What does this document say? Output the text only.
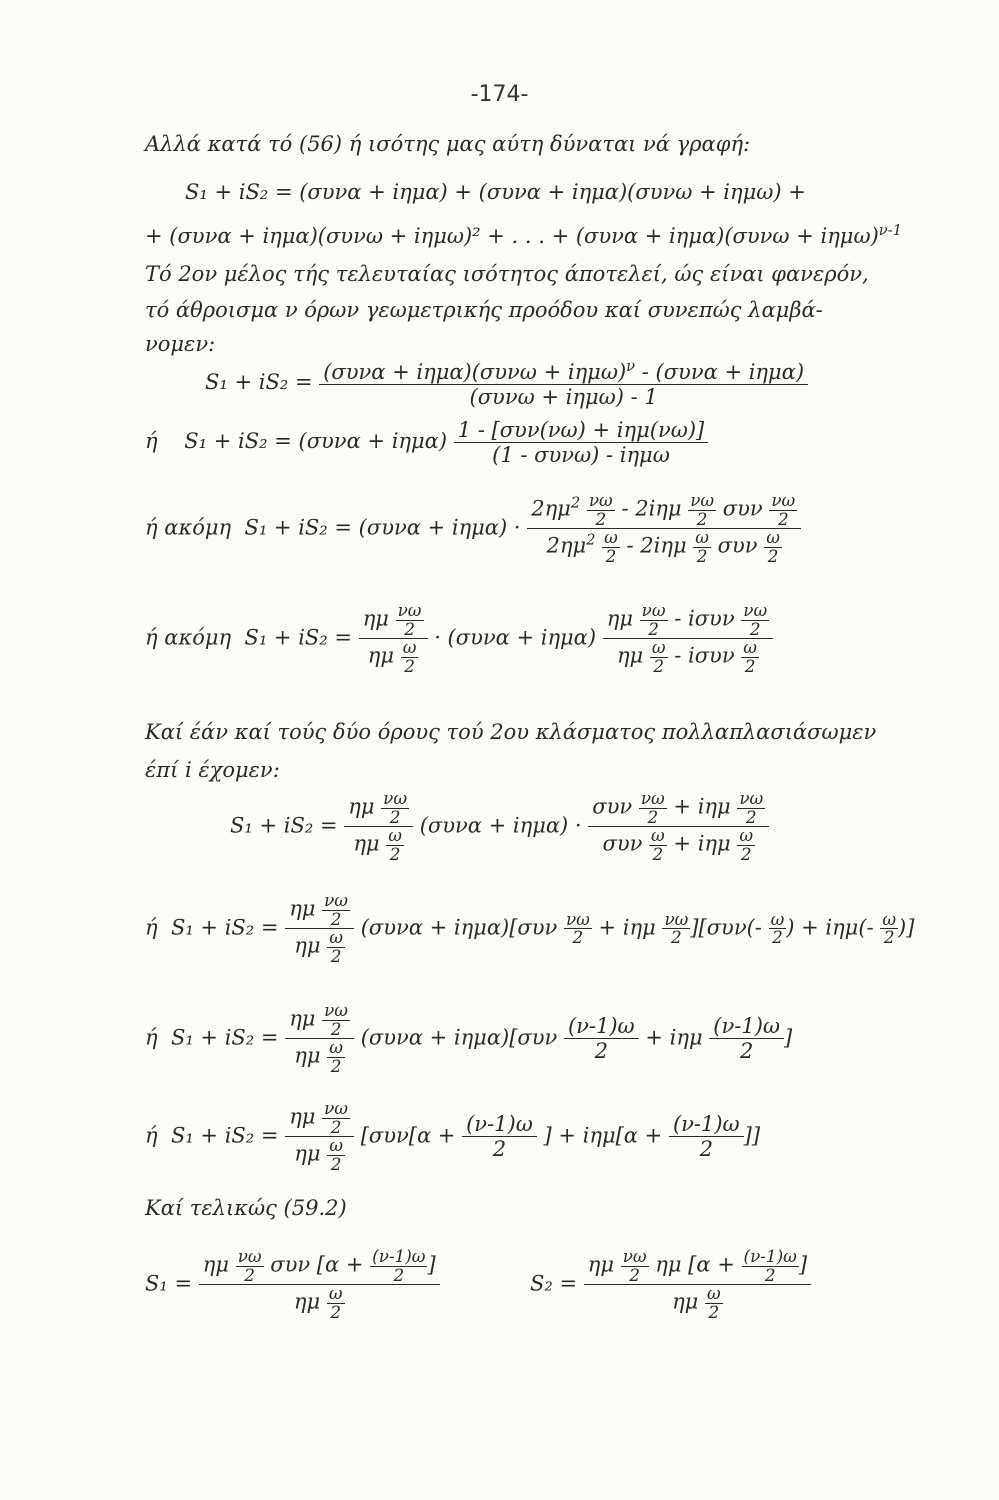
-174-
Αλλά κατά τό (56) ή ισότης μας αύτη δύναται νά γραφή:
S₁ + iS₂ = (συνα + iημα) + (συνα + iημα)(συνω + iημω) +
+ (συνα + iημα)(συνω + iημω)² + . . . + $(\sigma\upsilon\nu\alpha + i\eta\mu\alpha)(\sigma\upsilon\nu\omega + i\eta\mu\omega)^{\nu-1}$
Τό 2ον μέλος τής τελευταίας ισότητος άποτελεί, ώς είναι φανερόν,
τό άθροισμα ν όρων γεωμετρικής προόδου καί συνεπώς λαμβά-
νομεν:
$S_1 + iS_2 = \frac{(\sigma\upsilon\nu\alpha + i\eta\mu\alpha)(\sigma\upsilon\nu\omega + i\eta\mu\omega)^\nu - (\sigma\upsilon\nu\alpha + i\eta\mu\alpha)}{\text{(συνω + iημω) - 1}}$
ή $S_1 + iS_2 = (\sigma\upsilon\nu\alpha + i\eta\mu\alpha) \frac{\text{1 - [συν(νω) + iημ(νω)]}}{\text{(1 - συνω) - iημω}}$
ή ακόμη S₁ + iS₂ = (συνα + iημα) ·
$2\eta\mu^2 \frac{\nu\omega}{2} - 2i\eta\mu \frac{\nu\omega}{2}$ συν $\frac{\nu\omega}{2}$
$2\eta\mu^2 \frac{\omega}{2} - 2i\eta\mu \frac{\omega}{2}$ συν $\frac{\omega}{2}$
ή ακόμη $S_1 + iS_2 = \frac{\eta\mu \frac{\nu\omega}{2}}{\eta\mu \frac{\omega}{2}} \cdot (\sigma\upsilon\nu\alpha + i\eta\mu\alpha) \frac{\eta\mu \frac{\nu\omega}{2} - i\sigma\upsilon\nu \frac{\nu\omega}{2}}{\eta\mu \frac{\omega}{2} - i\sigma\upsilon\nu \frac{\omega}{2}}$
Καί έάν καί τούς δύο όρους τού 2ου κλάσματος πολλαπλασιάσωμεν
έπί i έχομεν:
$S_1 + iS_2 = \frac{\eta\mu \frac{\nu\omega}{2}}{\eta\mu \frac{\omega}{2}} (\sigma\upsilon\nu\alpha + i\eta\mu\alpha) \cdot \frac{\sigma\upsilon\nu \frac{\nu\omega}{2} + i\eta\mu \frac{\nu\omega}{2}}{\sigma\upsilon\nu \frac{\omega}{2} + i\eta\mu \frac{\omega}{2}}$
ή $S_1 + iS_2 = \frac{\eta\mu \frac{\nu\omega}{2}}{\eta\mu \frac{\omega}{2}} (\sigma\upsilon\nu\alpha + i\eta\mu\alpha)[\sigma\upsilon\nu \frac{\nu\omega}{2} + i\eta\mu \frac{\nu\omega}{2} ][\sigma\upsilon\nu(- \frac{\omega}{2}$ ) + $i\eta\mu(- \frac{\omega}{2}$ )]
ή $S_1 + iS_2 = \frac{\eta\mu \frac{\nu\omega}{2}}{\eta\mu \frac{\omega}{2}} (\sigma\upsilon\nu\alpha + i\eta\mu\alpha)[\sigma\upsilon\nu \frac{(\nu-1)\omega}{2} + i\eta\mu \frac{(\nu-1)\omega}{2}$ ]
ή $S_1 + iS_2 = \frac{\eta\mu \frac{\nu\omega}{2}}{\eta\mu \frac{\omega}{2}} [\sigma\upsilon\nu[\alpha + \frac{(\nu-1)\omega}{2}$ ] + $i\eta\mu[\alpha + \frac{(\nu-1)\omega}{2}$ ]]
Καί τελικώς (59.2)
$S_1 = \frac{\eta\mu \frac{\nu\omega}{2} \sigma\upsilon\nu [\alpha + \frac{(\nu-1)\omega}{2} ]}{\eta\mu \frac{\omega}{2}}$	$S_2 = \frac{\eta\mu \frac{\nu\omega}{2} \eta\mu [\alpha + \frac{(\nu-1)\omega}{2} ]}{\eta\mu \frac{\omega}{2}}$
